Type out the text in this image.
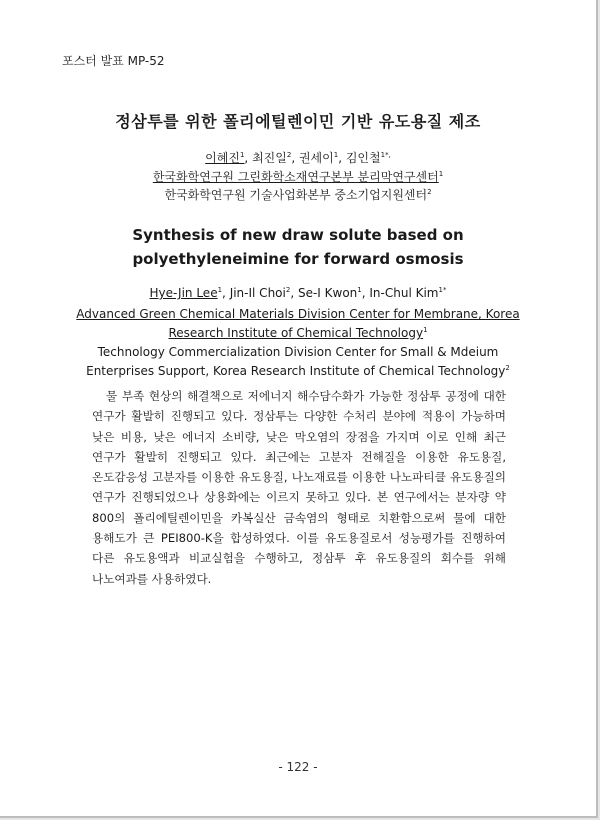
포스터 발표 MP-52
정삼투를 위한 폴리에틸렌이민 기반 유도용질 제조
이혜진$^1$, 최진일$^2$, 권세이$^1$, 김인철$^{1*,}$
한국화학연구원 그린화학소재연구본부 분리막연구센터$^1$
한국화학연구원 기술사업화본부 중소기업지원센터$^2$
Synthesis of new draw solute based on
polyethyleneimine for forward osmosis
Hye-Jin Lee$^1$, Jin-Il Choi$^2$, Se-I Kwon$^1$, In-Chul Kim$^{1*}$
Advanced Green Chemical Materials Division Center for Membrane, Korea
Research Institute of Chemical Technology$^1$
Technology Commercialization Division Center for Small & Mdeium
Enterprises Support, Korea Research Institute of Chemical Technology$^2$

물 부족 현상의 해결책으로 저에너지 해수담수화가 가능한 정삼투 공정에 대한 연구가 활발히 진행되고 있다. 정삼투는 다양한 수처리 분야에 적용이 가능하며 낮은 비용, 낮은 에너지 소비량, 낮은 막오염의 장점을 가지며 이로 인해 최근 연구가 활발히 진행되고 있다. 최근에는 고분자 전해질을 이용한 유도용질, 온도감응성 고분자를 이용한 유도용질, 나노재료를 이용한 나노파티클 유도용질의 연구가 진행되었으나 상용화에는 이르지 못하고 있다. 본 연구에서는 분자량 약 800의 폴리에틸렌이민을 카복실산 금속염의 형태로 치환함으로써 물에 대한 용해도가 큰 PEI800-K을 합성하였다. 이를 유도용질로서 성능평가를 진행하여 다른 유도용액과 비교실험을 수행하고, 정삼투 후 유도용질의 회수를 위해 나노여과를 사용하였다.

- 122 -
